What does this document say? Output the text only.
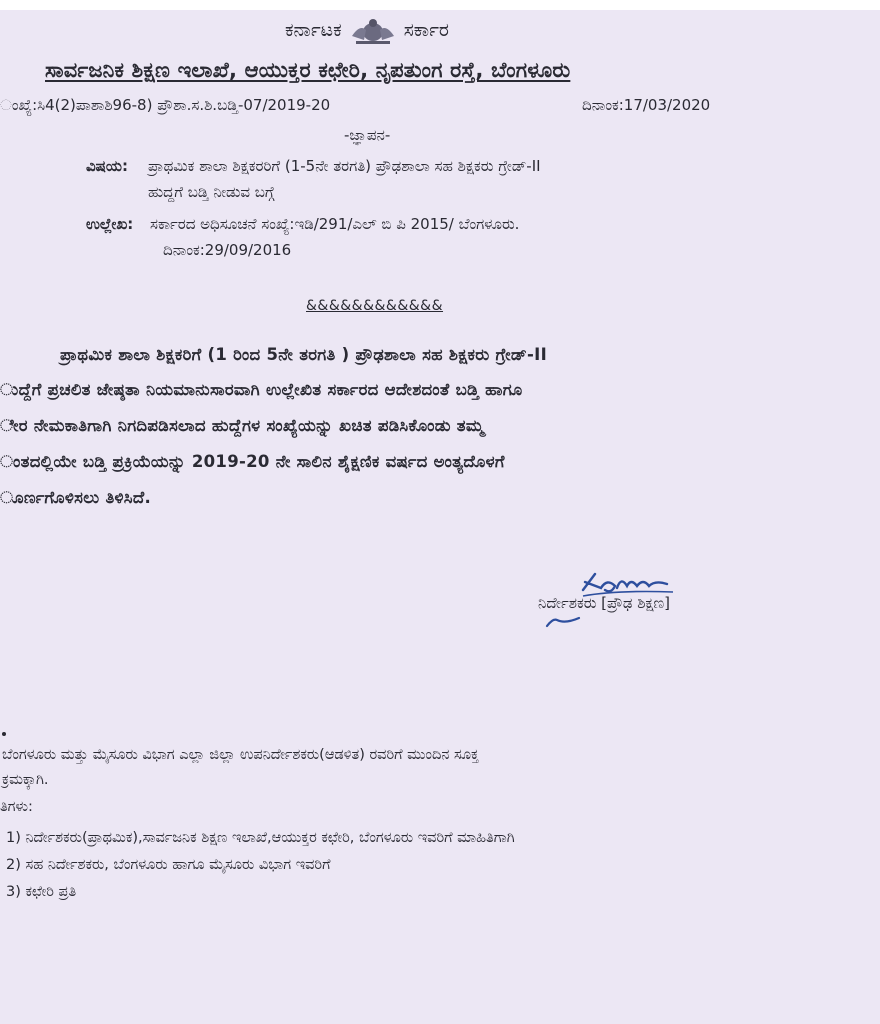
ಕರ್ನಾಟಕ	ಸರ್ಕಾರ
ಸಾರ್ವಜನಿಕ ಶಿಕ್ಷಣ ಇಲಾಖೆ, ಆಯುಕ್ತರ ಕಛೇರಿ, ನೃಪತುಂಗ ರಸ್ತೆ, ಬೆಂಗಳೂರು
ಂಖ್ಯೆ:ಸಿ4(2)ಪಾಶಾಶಿ96-8) ಪ್ರೌಶಾ.ಸ.ಶಿ.ಬಡ್ತಿ-07/2019-20	ದಿನಾಂಕ:17/03/2020
-ಜ್ಞಾಪನ-
ವಿಷಯ: ಪ್ರಾಥಮಿಕ ಶಾಲಾ ಶಿಕ್ಷಕರರಿಗೆ (1-5ನೇ ತರಗತಿ) ಪ್ರೌಢಶಾಲಾ ಸಹ ಶಿಕ್ಷಕರು ಗ್ರೇಡ್-II
ಹುದ್ದಗೆ ಬಡ್ತಿ ನೀಡುವ ಬಗ್ಗೆ
ಉಲ್ಲೇಖ: ಸರ್ಕಾರದ ಅಧಿಸೂಚನೆ ಸಂಖ್ಯೆ:ಇಡಿ/291/ಎಲ್ ಬಿ ಪಿ 2015/ ಬೆಂಗಳೂರು.
ದಿನಾಂಕ:29/09/2016
&&&&&&&&&&&&
ಪ್ರಾಥಮಿಕ ಶಾಲಾ ಶಿಕ್ಷಕರಿಗೆ (1 ರಿಂದ 5ನೇ ತರಗತಿ ) ಪ್ರೌಢಶಾಲಾ ಸಹ ಶಿಕ್ಷಕರು ಗ್ರೇಡ್-II
ುದ್ದೆಗೆ ಪ್ರಚಲಿತ ಜೇಷ್ಠತಾ ನಿಯಮಾನುಸಾರವಾಗಿ ಉಲ್ಲೇಖಿತ ಸರ್ಕಾರದ ಆದೇಶದಂತೆ ಬಡ್ತಿ ಹಾಗೂ
ೇರ ನೇಮಕಾತಿಗಾಗಿ ನಿಗದಿಪಡಿಸಲಾದ ಹುದ್ದೆಗಳ ಸಂಖ್ಯೆಯನ್ನು ಖಚಿತ ಪಡಿಸಿಕೊಂಡು ತಮ್ಮ
ಂತದಲ್ಲಿಯೇ ಬಡ್ತಿ ಪ್ರಕ್ರಿಯೆಯನ್ನು 2019-20 ನೇ ಸಾಲಿನ ಶೈಕ್ಷಣಿಕ ವರ್ಷದ ಅಂತ್ಯದೊಳಗೆ
ೂರ್ಣಗೊಳಿಸಲು ತಿಳಿಸಿದೆ.
ನಿರ್ದೇಶಕರು [ಪ್ರೌಢ ಶಿಕ್ಷಣ]
ಬೆಂಗಳೂರು ಮತ್ತು ಮೈಸೂರು ವಿಭಾಗ ಎಲ್ಲಾ ಜಿಲ್ಲಾ ಉಪನಿರ್ದೇಶಕರು(ಆಡಳಿತ) ರವರಿಗೆ ಮುಂದಿನ ಸೂಕ್ತ
ಕ್ರಮಕ್ಕಾಗಿ.
ತಿಗಳು:
1) ನಿರ್ದೇಶಕರು(ಪ್ರಾಥಮಿಕ),ಸಾರ್ವಜನಿಕ ಶಿಕ್ಷಣ ಇಲಾಖೆ,ಆಯುಕ್ತರ ಕಛೇರಿ, ಬೆಂಗಳೂರು ಇವರಿಗೆ ಮಾಹಿತಿಗಾಗಿ
2) ಸಹ ನಿರ್ದೇಶಕರು, ಬೆಂಗಳೂರು ಹಾಗೂ ಮೈಸೂರು ವಿಭಾಗ ಇವರಿಗೆ
3) ಕಛೇರಿ ಪ್ರತಿ
